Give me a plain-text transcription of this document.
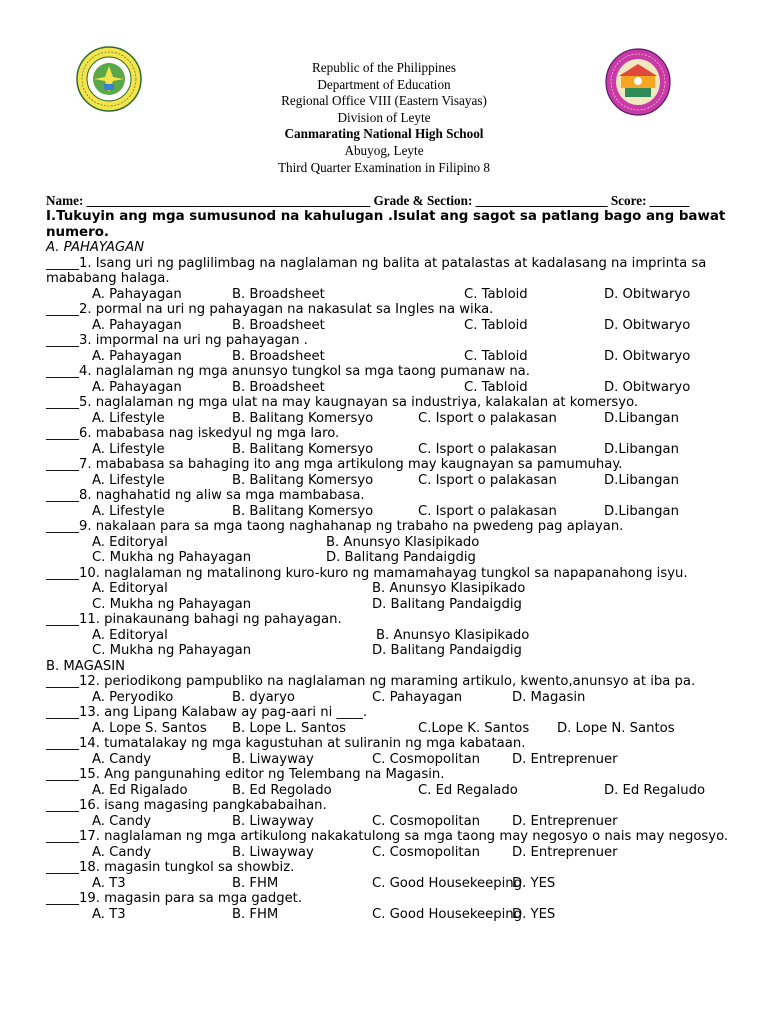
Republic of the Philippines
Department of Education
Regional Office VIII (Eastern Visayas)
Division of Leyte
Canmarating National High School
Abuyog, Leyte
Third Quarter Examination in Filipino 8
Name: ___________________________________________ Grade & Section: ____________________ Score: ______
I.Tukuyin ang mga sumusunod na kahulugan .Isulat ang sagot sa patlang bago ang bawat numero.
A. PAHAYAGAN
_____1. Isang uri ng paglilimbag na naglalaman ng balita at patalastas at kadalasang na imprinta sa mababang halaga.
A. Pahayagan	B. Broadsheet	C. Tabloid	D. Obitwaryo
_____2. pormal na uri ng pahayagan na nakasulat sa Ingles na wika.
A. Pahayagan	B. Broadsheet	C. Tabloid	D. Obitwaryo
_____3. impormal na uri ng pahayagan .
A. Pahayagan	B. Broadsheet	C. Tabloid	D. Obitwaryo
_____4. naglalaman ng mga anunsyo tungkol sa mga taong pumanaw na.
A. Pahayagan	B. Broadsheet	C. Tabloid	D. Obitwaryo
_____5. naglalaman ng mga ulat na may kaugnayan sa industriya, kalakalan at komersyo.
A. Lifestyle	B. Balitang Komersyo	C. Isport o palakasan	D.Libangan
_____6. mababasa nag iskedyul ng mga laro.
A. Lifestyle	B. Balitang Komersyo	C. Isport o palakasan	D.Libangan
_____7. mababasa sa bahaging ito ang mga artikulong may kaugnayan sa pamumuhay.
A. Lifestyle	B. Balitang Komersyo	C. Isport o palakasan	D.Libangan
_____8. naghahatid ng aliw sa mga mambabasa.
A. Lifestyle	B. Balitang Komersyo	C. Isport o palakasan	D.Libangan
_____9. nakalaan para sa mga taong naghahanap ng trabaho na pwedeng pag aplayan.
A. Editoryal	B. Anunsyo Klasipikado
C. Mukha ng Pahayagan	D. Balitang Pandaigdig
_____10. naglalaman ng matalinong kuro-kuro ng mamamahayag tungkol sa napapanahong isyu.
A. Editoryal	B. Anunsyo Klasipikado
C. Mukha ng Pahayagan	D. Balitang Pandaigdig
_____11. pinakaunang bahagi ng pahayagan.
A. Editoryal	B. Anunsyo Klasipikado
C. Mukha ng Pahayagan	D. Balitang Pandaigdig
B. MAGASIN
_____12. periodikong pampubliko na naglalaman ng maraming artikulo, kwento,anunsyo at iba pa.
A. Peryodiko	B. dyaryo	C. Pahayagan	D. Magasin
_____13. ang Lipang Kalabaw ay pag-aari ni ____.
A. Lope S. Santos B. Lope L. Santos	C.Lope K. Santos D. Lope N. Santos
_____14. tumatalakay ng mga kagustuhan at suliranin ng mga kabataan.
A. Candy	B. Liwayway	C. Cosmopolitan D. Entreprenuer
_____15. Ang pangunahing editor ng Telembang na Magasin.
A. Ed Rigalado	B. Ed Regolado	C. Ed Regalado	D. Ed Regaludo
_____16. isang magasing pangkababaihan.
A. Candy	B. Liwayway	C. Cosmopolitan D. Entreprenuer
_____17. naglalaman ng mga artikulong nakakatulong sa mga taong may negosyo o nais may negosyo.
A. Candy	B. Liwayway	C. Cosmopolitan D. Entreprenuer
_____18. magasin tungkol sa showbiz.
A. T3	B. FHM	C. Good Housekeeping
D. YES
_____19. magasin para sa mga gadget.
A. T3	B. FHM	C. Good Housekeeping
D. YES
